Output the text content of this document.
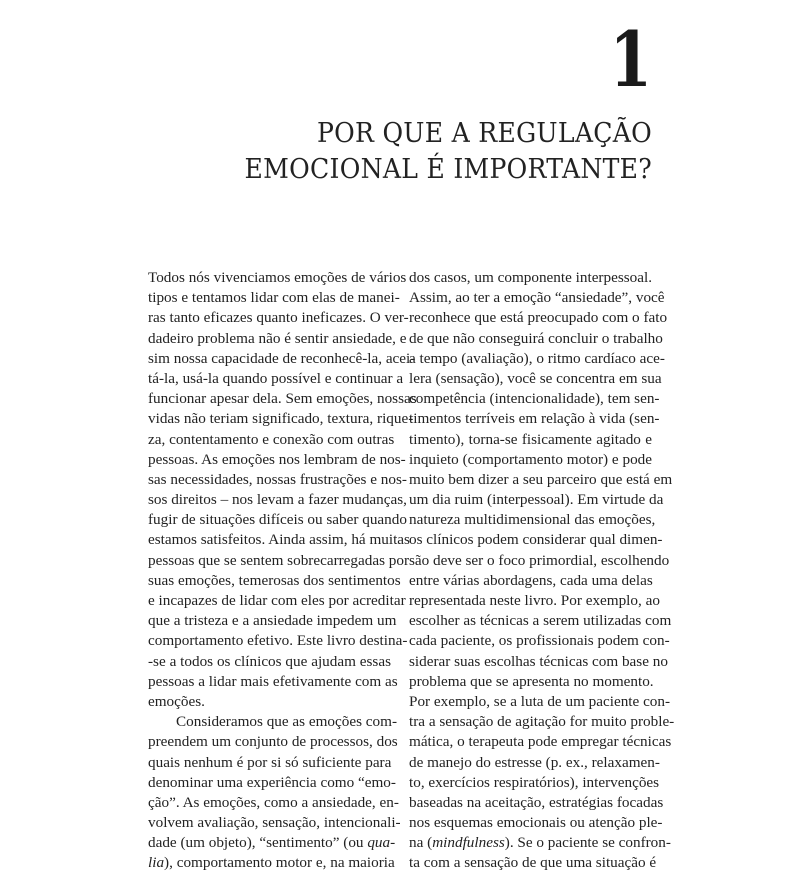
1
POR QUE A REGULAÇÃO
EMOCIONAL É IMPORTANTE?
Todos nós vivenciamos emoções de vários
tipos e tentamos lidar com elas de manei-
ras tanto eficazes quanto ineficazes. O ver-
dadeiro problema não é sentir ansiedade, e
sim nossa capacidade de reconhecê-la, acei-
tá-la, usá-la quando possível e continuar a
funcionar apesar dela. Sem emoções, nossas
vidas não teriam significado, textura, rique-
za, contentamento e conexão com outras
pessoas. As emoções nos lembram de nos-
sas necessidades, nossas frustrações e nos-
sos direitos – nos levam a fazer mudanças,
fugir de situações difíceis ou saber quando
estamos satisfeitos. Ainda assim, há muitas
pessoas que se sentem sobrecarregadas por
suas emoções, temerosas dos sentimentos
e incapazes de lidar com eles por acreditar
que a tristeza e a ansiedade impedem um
comportamento efetivo. Este livro destina-
-se a todos os clínicos que ajudam essas
pessoas a lidar mais efetivamente com as
emoções.
Consideramos que as emoções com-
preendem um conjunto de processos, dos
quais nenhum é por si só suficiente para
denominar uma experiência como “emo-
ção”. As emoções, como a ansiedade, en-
volvem avaliação, sensação, intencionali-
dade (um objeto), “sentimento” (ou qua-
lia), comportamento motor e, na maioria
dos casos, um componente interpessoal.
Assim, ao ter a emoção “ansiedade”, você
reconhece que está preocupado com o fato
de que não conseguirá concluir o trabalho
a tempo (avaliação), o ritmo cardíaco ace-
lera (sensação), você se concentra em sua
competência (intencionalidade), tem sen-
timentos terríveis em relação à vida (sen-
timento), torna-se fisicamente agitado e
inquieto (comportamento motor) e pode
muito bem dizer a seu parceiro que está em
um dia ruim (interpessoal). Em virtude da
natureza multidimensional das emoções,
os clínicos podem considerar qual dimen-
são deve ser o foco primordial, escolhendo
entre várias abordagens, cada uma delas
representada neste livro. Por exemplo, ao
escolher as técnicas a serem utilizadas com
cada paciente, os profissionais podem con-
siderar suas escolhas técnicas com base no
problema que se apresenta no momento.
Por exemplo, se a luta de um paciente con-
tra a sensação de agitação for muito proble-
mática, o terapeuta pode empregar técnicas
de manejo do estresse (p. ex., relaxamen-
to, exercícios respiratórios), intervenções
baseadas na aceitação, estratégias focadas
nos esquemas emocionais ou atenção ple-
na (mindfulness). Se o paciente se confron-
ta com a sensação de que uma situação é
